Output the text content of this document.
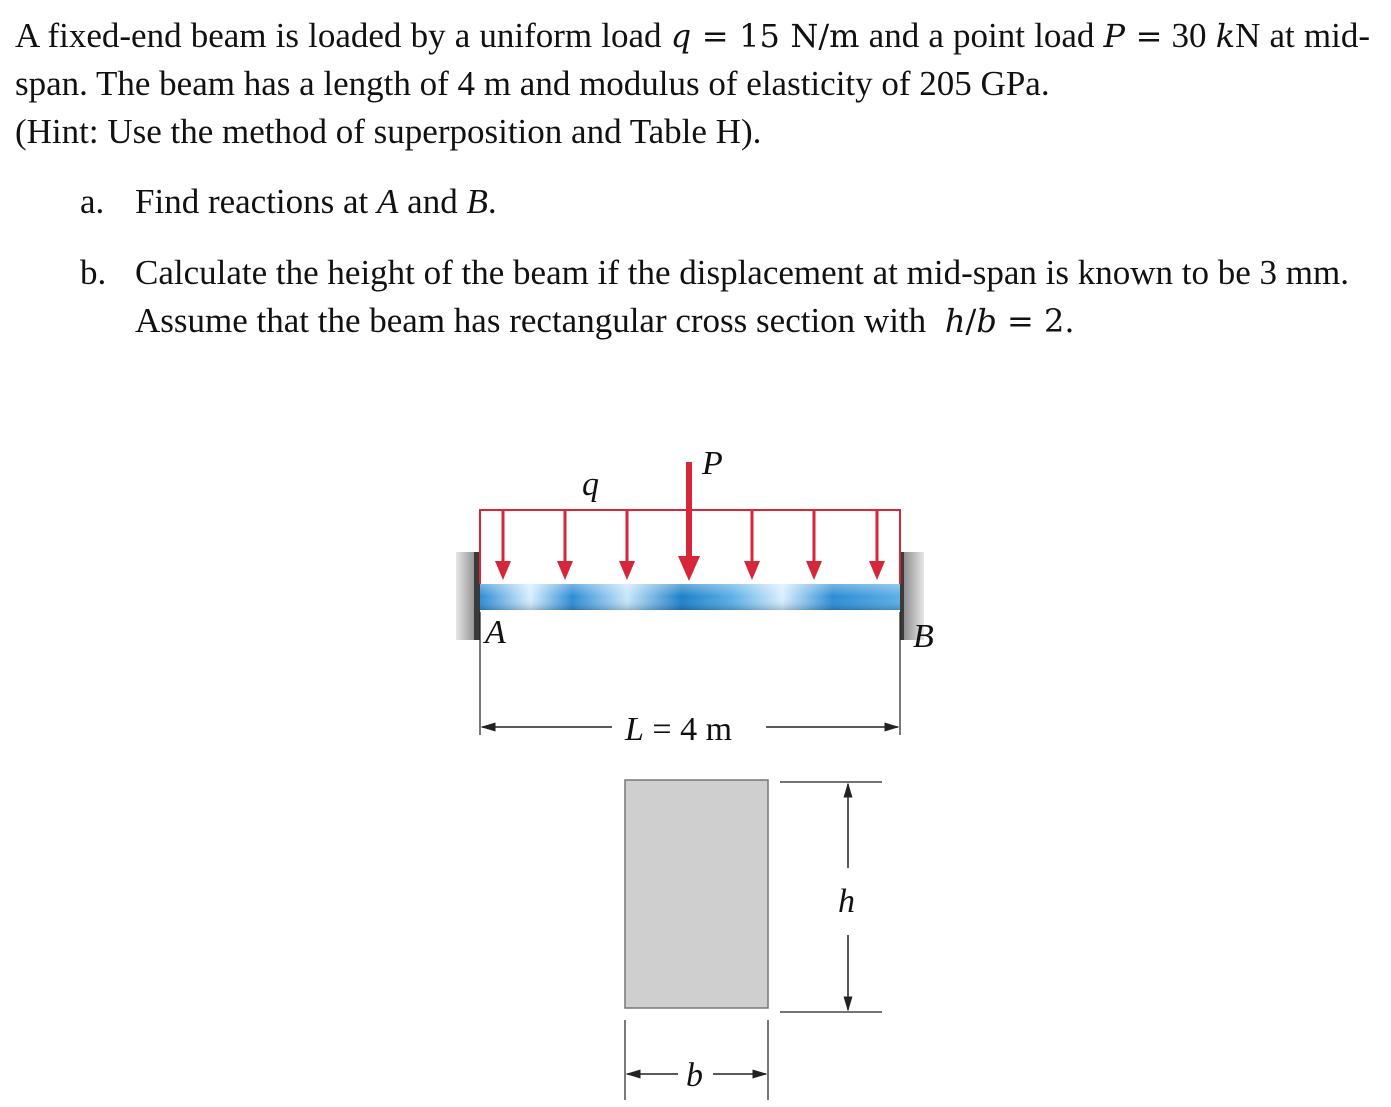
A fixed-end beam is loaded by a uniform load q = 15 N/m and a point load P = 30 kN at mid-span. The beam has a length of 4 m and modulus of elasticity of 205 GPa.

(Hint: Use the method of superposition and Table H).

a. Find reactions at A and B.
b. Calculate the height of the beam if the displacement at mid-span is known to be 3 mm. Assume that the beam has rectangular cross section with h/b = 2.
q
P
A	B
L = 4 m
h
b
